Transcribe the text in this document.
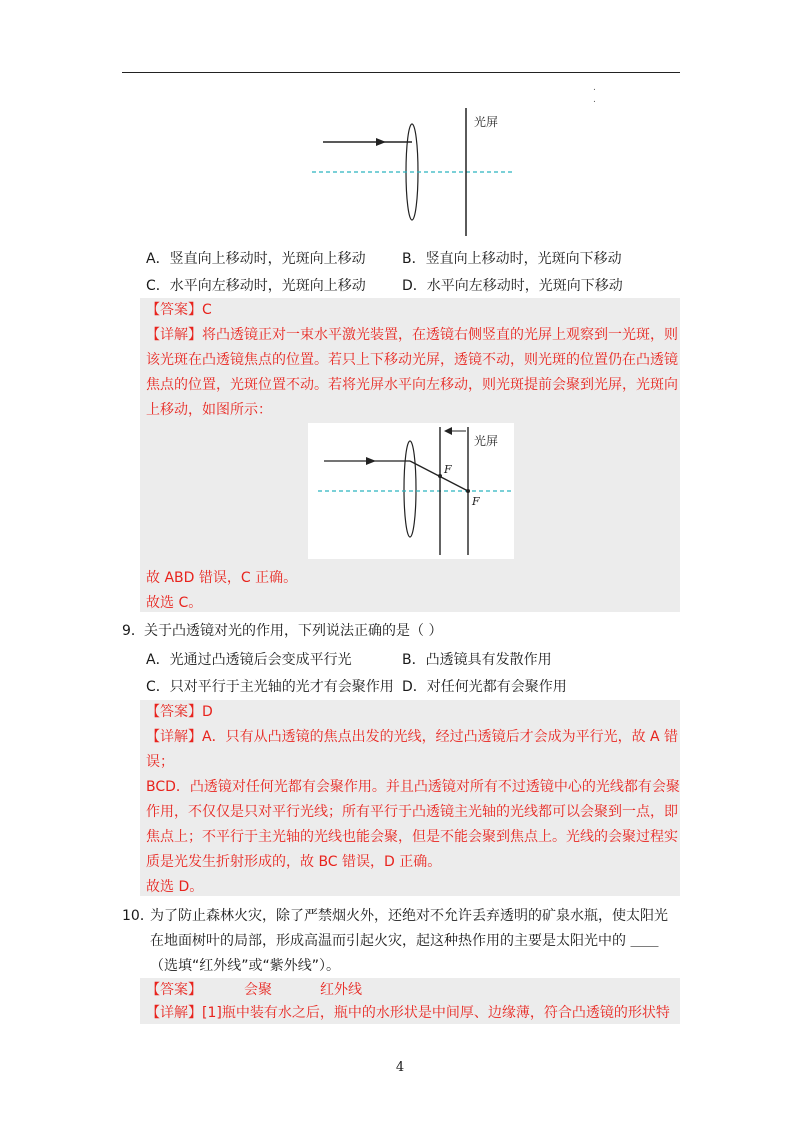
.
.
光屏
A．竖直向上移动时，光斑向上移动	B．竖直向上移动时，光斑向下移动
C．水平向左移动时，光斑向上移动	D．水平向左移动时，光斑向下移动
【答案】C
【详解】将凸透镜正对一束水平激光装置，在透镜右侧竖直的光屏上观察到一光斑，则
该光斑在凸透镜焦点的位置。若只上下移动光屏，透镜不动，则光斑的位置仍在凸透镜
焦点的位置，光斑位置不动。若将光屏水平向左移动，则光斑提前会聚到光屏，光斑向
上移动，如图所示：
光屏
F
F
故 ABD 错误，C 正确。
故选 C。
9． 关于凸透镜对光的作用，下列说法正确的是（ ）
A．光通过凸透镜后会变成平行光	B．凸透镜具有发散作用
C．只对平行于主光轴的光才有会聚作用 D．对任何光都有会聚作用
【答案】D
【详解】A．只有从凸透镜的焦点出发的光线，经过凸透镜后才会成为平行光，故 A 错
误；
BCD．凸透镜对任何光都有会聚作用。并且凸透镜对所有不过透镜中心的光线都有会聚
作用，不仅仅是只对平行光线；所有平行于凸透镜主光轴的光线都可以会聚到一点，即
焦点上；不平行于主光轴的光线也能会聚，但是不能会聚到焦点上。光线的会聚过程实
质是光发生折射形成的，故 BC 错误，D 正确。
故选 D。
10．
为了防止森林火灾，除了严禁烟火外，还绝对不允许丢弃透明的矿泉水瓶，使太阳光
在地面树叶的局部，形成高温而引起火灾，起这种热作用的主要是太阳光中的 ＿＿
（选填“红外线”或“紫外线”）。
【答案】	会聚	红外线
【详解】[1]瓶中装有水之后，瓶中的水形状是中间厚、边缘薄，符合凸透镜的形状特
4
